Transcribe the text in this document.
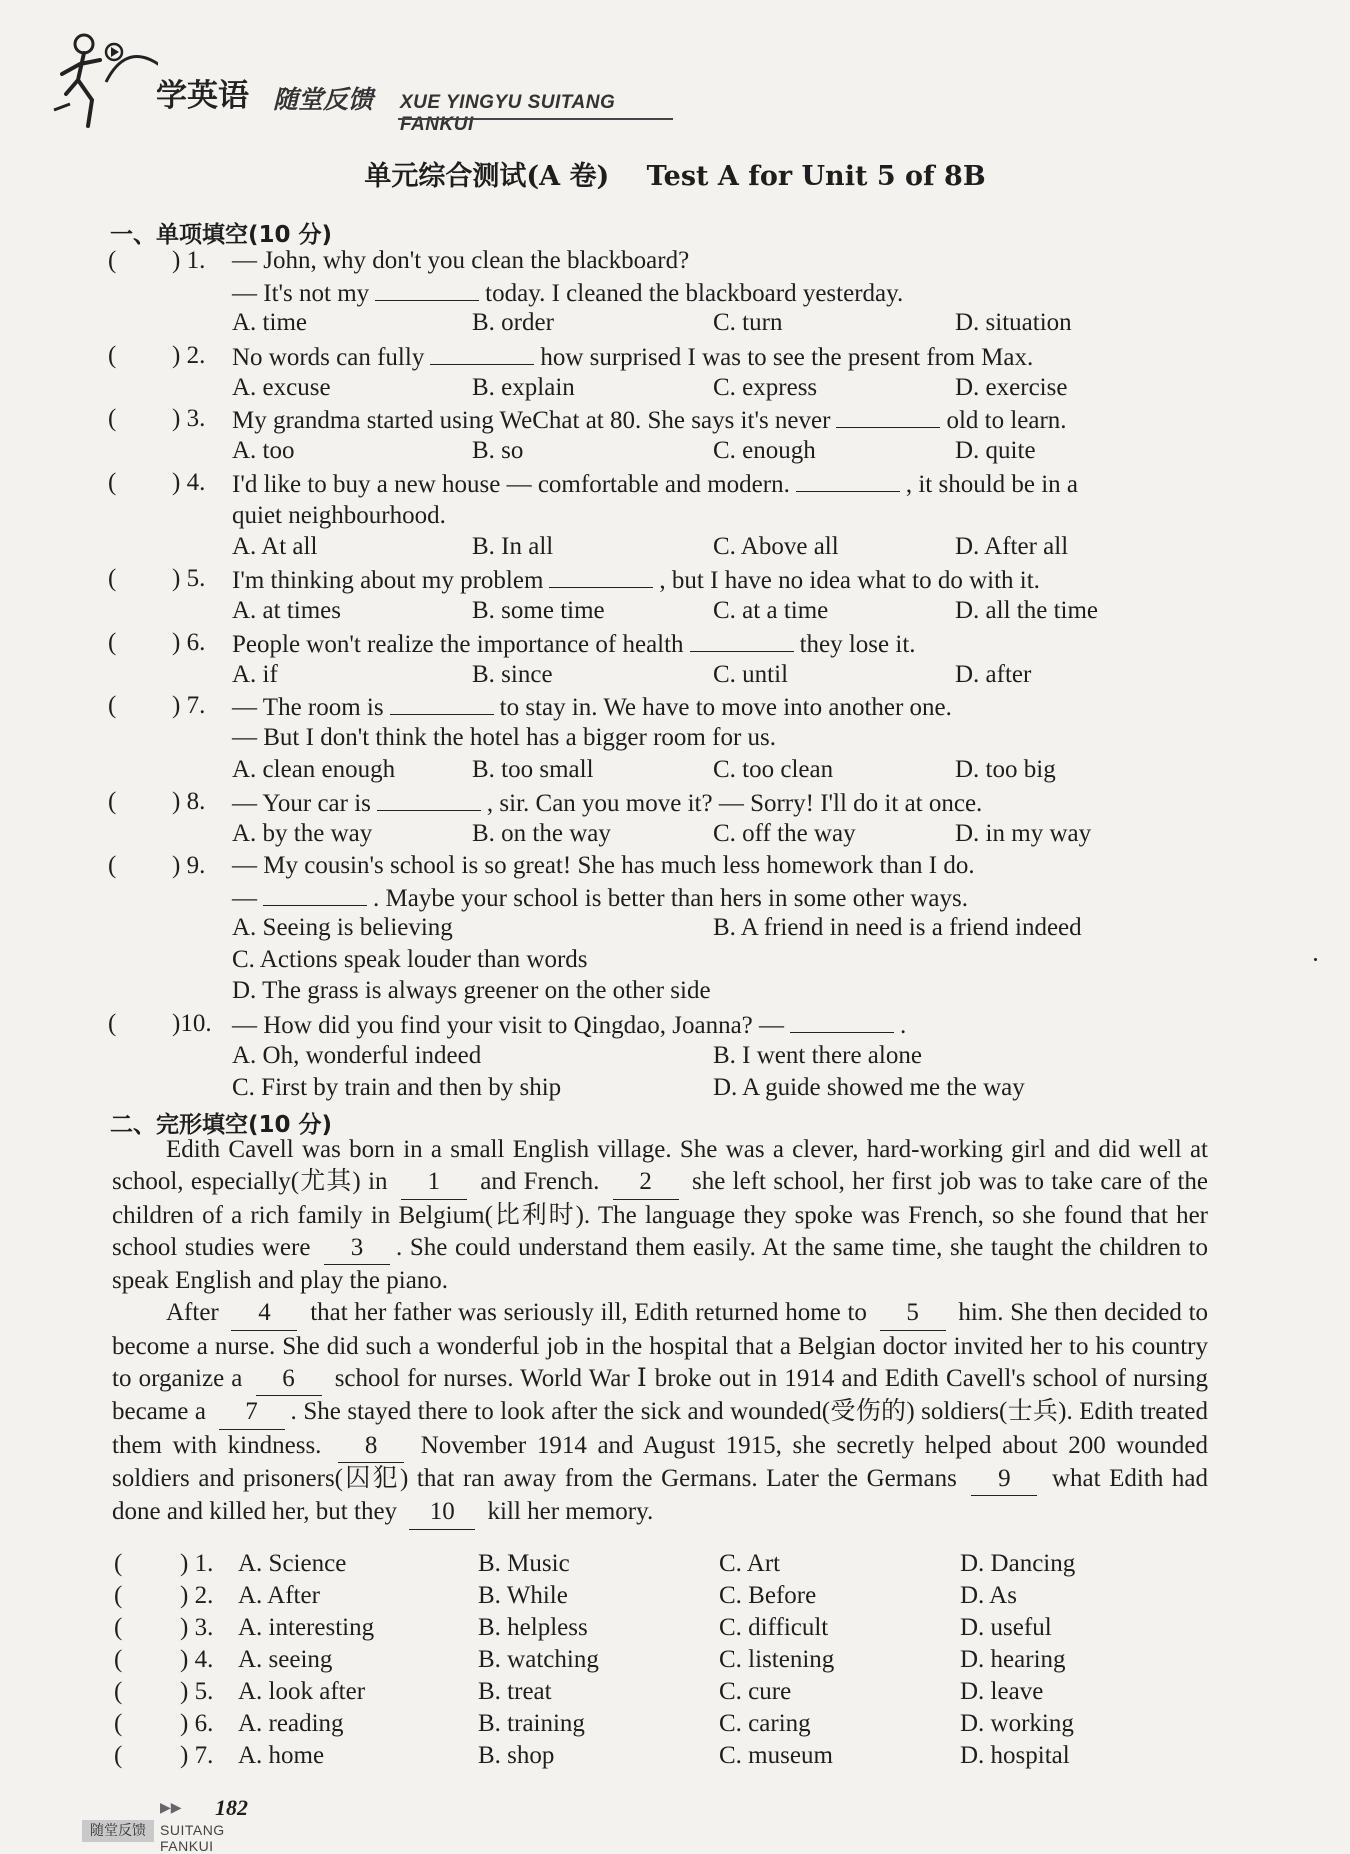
学英语 随堂反馈 XUE YINGYU SUITANG FANKUI
单元综合测试(A 卷) Test A for Unit 5 of 8B
一、单项填空(10 分)
( ) 1. — John, why don't you clean the blackboard?
— It's not my	today. I cleaned the blackboard yesterday.
A. time	B. order	C. turn	D. situation
( ) 2. No words can fully	how surprised I was to see the present from Max.
A. excuse	B. explain	C. express	D. exercise
( ) 3. My grandma started using WeChat at 80. She says it's never	old to learn.
A. too	B. so	C. enough	D. quite
( ) 4. I'd like to buy a new house — comfortable and modern.	, it should be in a
quiet neighbourhood.
A. At all	B. In all	C. Above all	D. After all
( ) 5. I'm thinking about my problem	, but I have no idea what to do with it.
A. at times	B. some time	C. at a time	D. all the time
( ) 6. People won't realize the importance of health	they lose it.
A. if	B. since	C. until	D. after
( ) 7. — The room is	to stay in. We have to move into another one.
— But I don't think the hotel has a bigger room for us.
A. clean enough	B. too small	C. too clean	D. too big
( ) 8. — Your car is	, sir. Can you move it? — Sorry! I'll do it at once.
A. by the way	B. on the way	C. off the way	D. in my way
( ) 9. — My cousin's school is so great! She has much less homework than I do.
—	. Maybe your school is better than hers in some other ways.
A. Seeing is believing	B. A friend in need is a friend indeed
C. Actions speak louder than words
D. The grass is always greener on the other side
( )10. — How did you find your visit to Qingdao, Joanna? —	.
A. Oh, wonderful indeed	B. I went there alone
C. First by train and then by ship	D. A guide showed me the way
二、完形填空(10 分)
Edith Cavell was born in a small English village. She was a clever, hard-working girl and did well at school, especially(尤其) in 1 and French. 2 she left school, her first job was to take care of the children of a rich family in Belgium(比利时). The language they spoke was French, so she found that her school studies were 3 . She could understand them easily. At the same time, she taught the children to speak English and play the piano.
After 4 that her father was seriously ill, Edith returned home to 5 him. She then decided to become a nurse. She did such a wonderful job in the hospital that a Belgian doctor invited her to his country to organize a 6 school for nurses. World War Ⅰ broke out in 1914 and Edith Cavell's school of nursing became a 7 . She stayed there to look after the sick and wounded(受伤的) soldiers(士兵). Edith treated them with kindness. 8 November 1914 and August 1915, she secretly helped about 200 wounded soldiers and prisoners(囚犯) that ran away from the Germans. Later the Germans 9 what Edith had done and killed her, but they 10 kill her memory.
( ) 1. A. Science	B. Music	C. Art	D. Dancing
( ) 2. A. After	B. While	C. Before	D. As
( ) 3. A. interesting	B. helpless	C. difficult	D. useful
( ) 4. A. seeing	B. watching	C. listening	D. hearing
( ) 5. A. look after	B. treat	C. cure	D. leave
( ) 6. A. reading	B. training	C. caring	D. working
( ) 7. A. home	B. shop	C. museum	D. hospital
▶▶ 182
随堂反馈	SUITANG FANKUI
